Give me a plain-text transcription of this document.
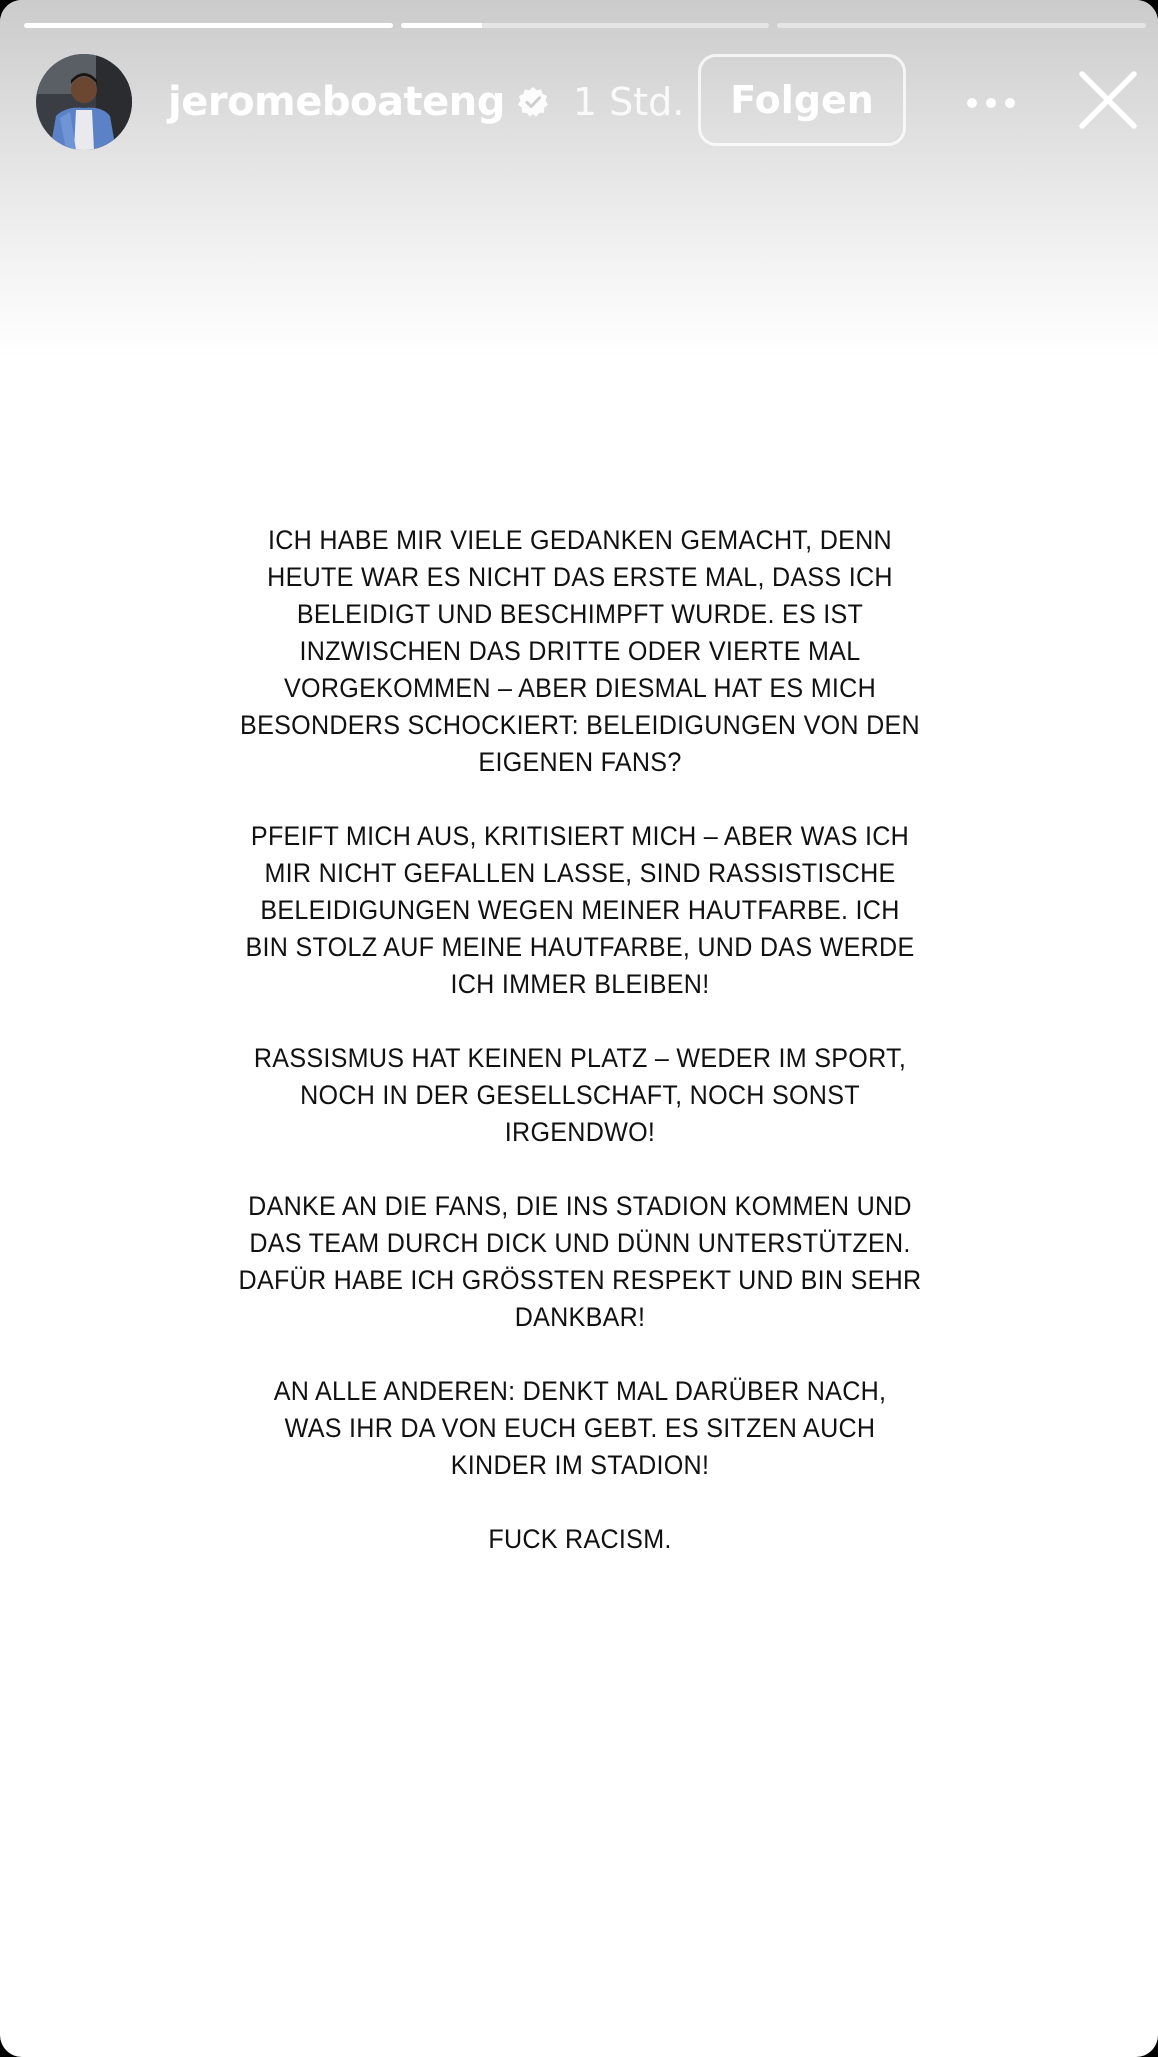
jeromeboateng 1 Std.	Folgen

ICH HABE MIR VIELE GEDANKEN GEMACHT, DENN
HEUTE WAR ES NICHT DAS ERSTE MAL, DASS ICH
BELEIDIGT UND BESCHIMPFT WURDE. ES IST
INZWISCHEN DAS DRITTE ODER VIERTE MAL
VORGEKOMMEN – ABER DIESMAL HAT ES MICH
BESONDERS SCHOCKIERT: BELEIDIGUNGEN VON DEN
EIGENEN FANS?

PFEIFT MICH AUS, KRITISIERT MICH – ABER WAS ICH
MIR NICHT GEFALLEN LASSE, SIND RASSISTISCHE
BELEIDIGUNGEN WEGEN MEINER HAUTFARBE. ICH
BIN STOLZ AUF MEINE HAUTFARBE, UND DAS WERDE
ICH IMMER BLEIBEN!

RASSISMUS HAT KEINEN PLATZ – WEDER IM SPORT,
NOCH IN DER GESELLSCHAFT, NOCH SONST
IRGENDWO!

DANKE AN DIE FANS, DIE INS STADION KOMMEN UND
DAS TEAM DURCH DICK UND DÜNN UNTERSTÜTZEN.
DAFÜR HABE ICH GRÖSSTEN RESPEKT UND BIN SEHR
DANKBAR!

AN ALLE ANDEREN: DENKT MAL DARÜBER NACH,
WAS IHR DA VON EUCH GEBT. ES SITZEN AUCH
KINDER IM STADION!

FUCK RACISM.
